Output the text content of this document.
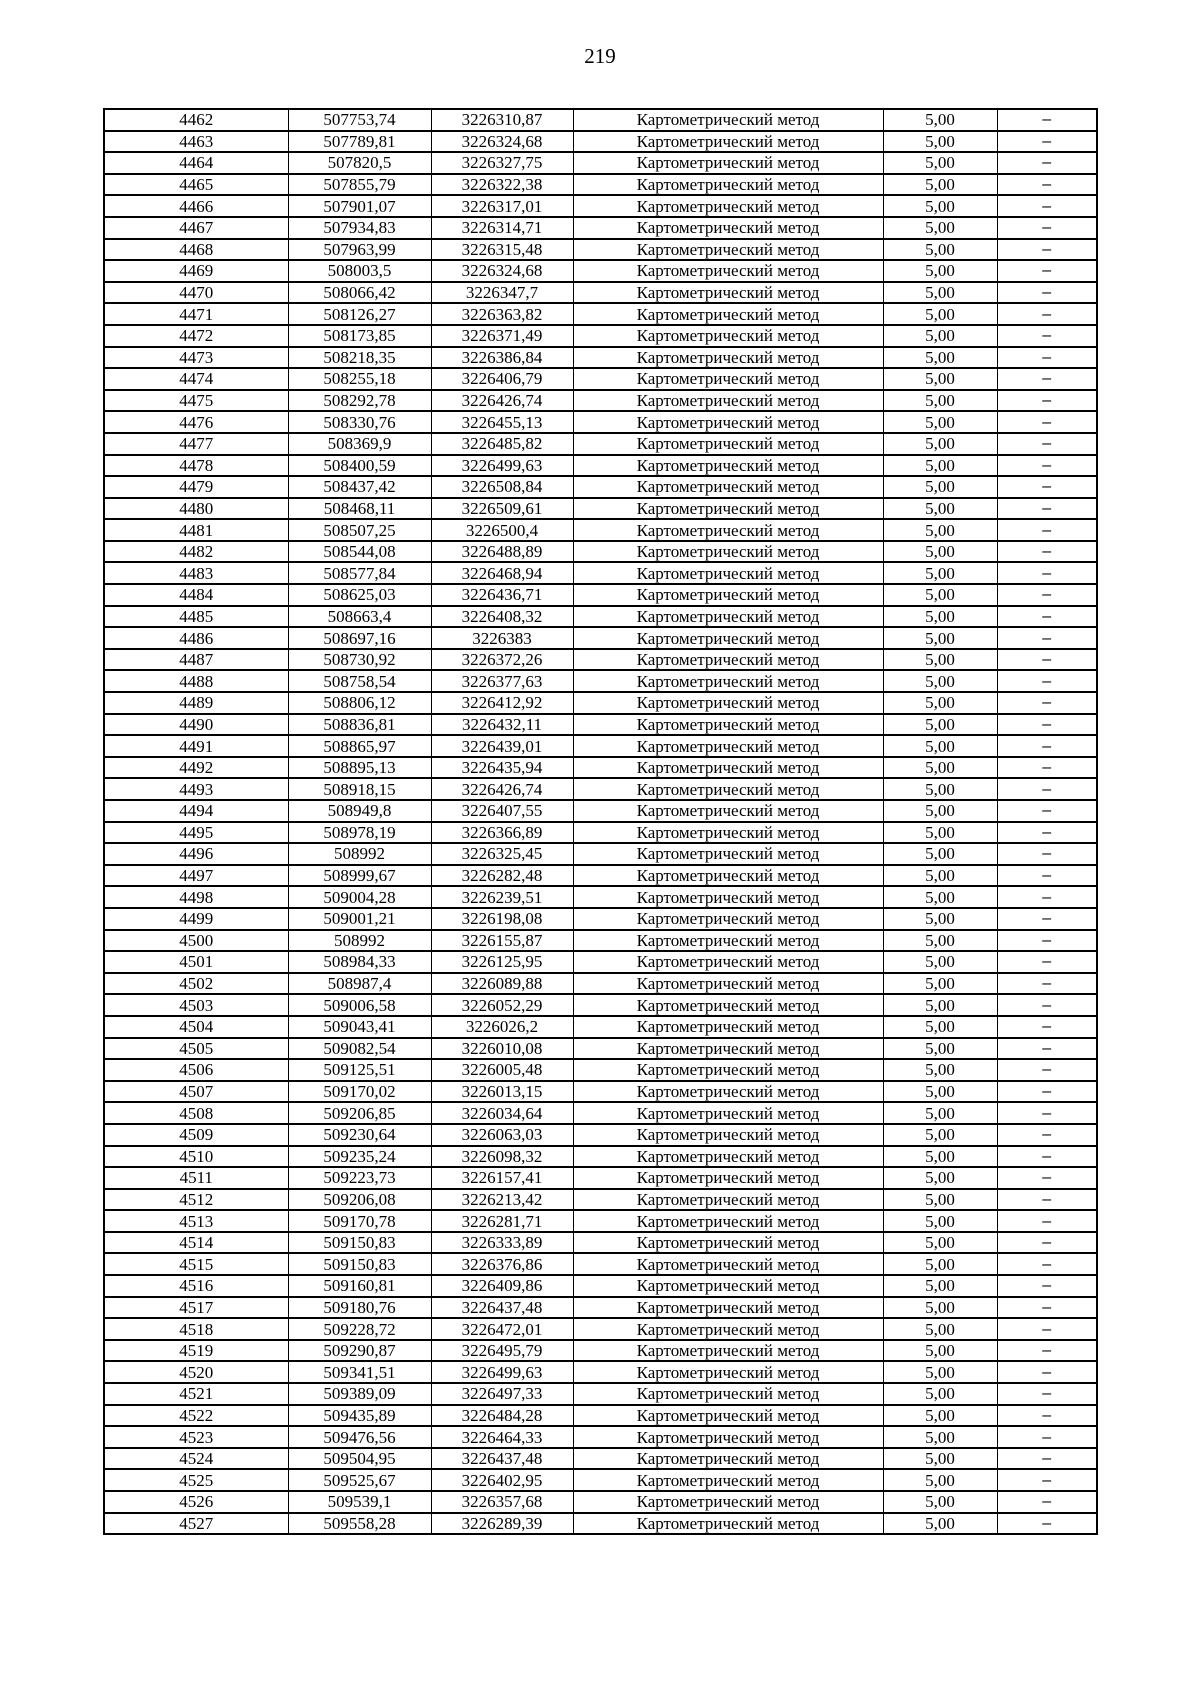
219
4462	507753,74	3226310,87	Картометрический метод	5,00	–
4463	507789,81	3226324,68	Картометрический метод	5,00	–
4464	507820,5	3226327,75	Картометрический метод	5,00	–
4465	507855,79	3226322,38	Картометрический метод	5,00	–
4466	507901,07	3226317,01	Картометрический метод	5,00	–
4467	507934,83	3226314,71	Картометрический метод	5,00	–
4468	507963,99	3226315,48	Картометрический метод	5,00	–
4469	508003,5	3226324,68	Картометрический метод	5,00	–
4470	508066,42	3226347,7	Картометрический метод	5,00	–
4471	508126,27	3226363,82	Картометрический метод	5,00	–
4472	508173,85	3226371,49	Картометрический метод	5,00	–
4473	508218,35	3226386,84	Картометрический метод	5,00	–
4474	508255,18	3226406,79	Картометрический метод	5,00	–
4475	508292,78	3226426,74	Картометрический метод	5,00	–
4476	508330,76	3226455,13	Картометрический метод	5,00	–
4477	508369,9	3226485,82	Картометрический метод	5,00	–
4478	508400,59	3226499,63	Картометрический метод	5,00	–
4479	508437,42	3226508,84	Картометрический метод	5,00	–
4480	508468,11	3226509,61	Картометрический метод	5,00	–
4481	508507,25	3226500,4	Картометрический метод	5,00	–
4482	508544,08	3226488,89	Картометрический метод	5,00	–
4483	508577,84	3226468,94	Картометрический метод	5,00	–
4484	508625,03	3226436,71	Картометрический метод	5,00	–
4485	508663,4	3226408,32	Картометрический метод	5,00	–
4486	508697,16	3226383	Картометрический метод	5,00	–
4487	508730,92	3226372,26	Картометрический метод	5,00	–
4488	508758,54	3226377,63	Картометрический метод	5,00	–
4489	508806,12	3226412,92	Картометрический метод	5,00	–
4490	508836,81	3226432,11	Картометрический метод	5,00	–
4491	508865,97	3226439,01	Картометрический метод	5,00	–
4492	508895,13	3226435,94	Картометрический метод	5,00	–
4493	508918,15	3226426,74	Картометрический метод	5,00	–
4494	508949,8	3226407,55	Картометрический метод	5,00	–
4495	508978,19	3226366,89	Картометрический метод	5,00	–
4496	508992	3226325,45	Картометрический метод	5,00	–
4497	508999,67	3226282,48	Картометрический метод	5,00	–
4498	509004,28	3226239,51	Картометрический метод	5,00	–
4499	509001,21	3226198,08	Картометрический метод	5,00	–
4500	508992	3226155,87	Картометрический метод	5,00	–
4501	508984,33	3226125,95	Картометрический метод	5,00	–
4502	508987,4	3226089,88	Картометрический метод	5,00	–
4503	509006,58	3226052,29	Картометрический метод	5,00	–
4504	509043,41	3226026,2	Картометрический метод	5,00	–
4505	509082,54	3226010,08	Картометрический метод	5,00	–
4506	509125,51	3226005,48	Картометрический метод	5,00	–
4507	509170,02	3226013,15	Картометрический метод	5,00	–
4508	509206,85	3226034,64	Картометрический метод	5,00	–
4509	509230,64	3226063,03	Картометрический метод	5,00	–
4510	509235,24	3226098,32	Картометрический метод	5,00	–
4511	509223,73	3226157,41	Картометрический метод	5,00	–
4512	509206,08	3226213,42	Картометрический метод	5,00	–
4513	509170,78	3226281,71	Картометрический метод	5,00	–
4514	509150,83	3226333,89	Картометрический метод	5,00	–
4515	509150,83	3226376,86	Картометрический метод	5,00	–
4516	509160,81	3226409,86	Картометрический метод	5,00	–
4517	509180,76	3226437,48	Картометрический метод	5,00	–
4518	509228,72	3226472,01	Картометрический метод	5,00	–
4519	509290,87	3226495,79	Картометрический метод	5,00	–
4520	509341,51	3226499,63	Картометрический метод	5,00	–
4521	509389,09	3226497,33	Картометрический метод	5,00	–
4522	509435,89	3226484,28	Картометрический метод	5,00	–
4523	509476,56	3226464,33	Картометрический метод	5,00	–
4524	509504,95	3226437,48	Картометрический метод	5,00	–
4525	509525,67	3226402,95	Картометрический метод	5,00	–
4526	509539,1	3226357,68	Картометрический метод	5,00	–
4527	509558,28	3226289,39	Картометрический метод	5,00	–
